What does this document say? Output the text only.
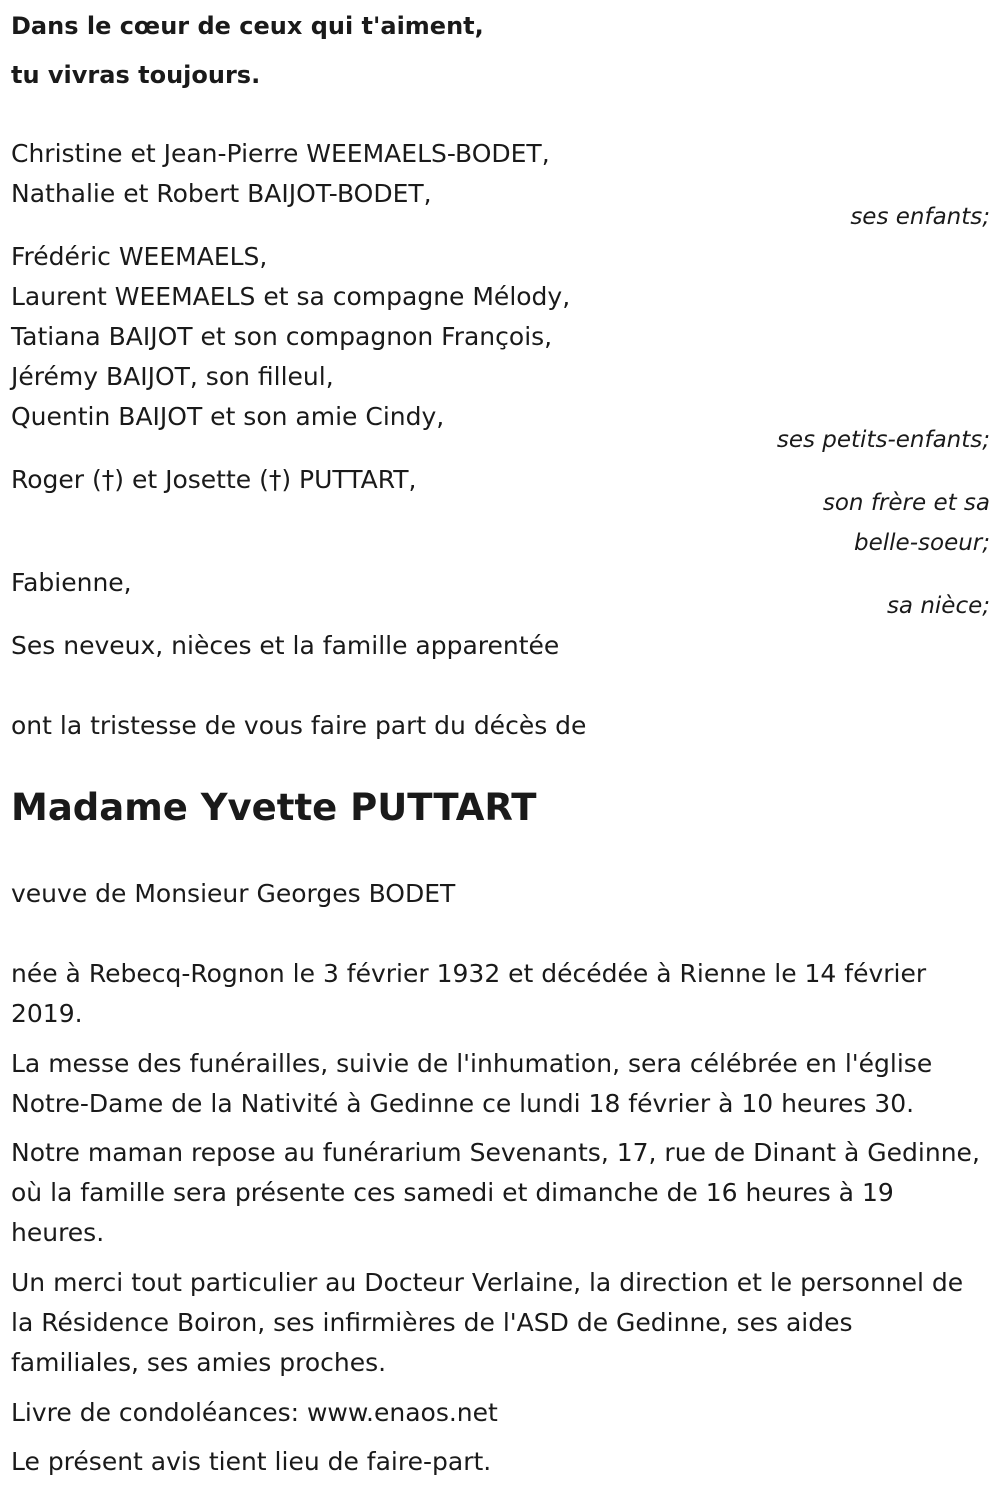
Dans le cœur de ceux qui t'aiment,

tu vivras toujours.

Christine et Jean-Pierre WEEMAELS-BODET,

Nathalie et Robert BAIJOT-BODET,

ses enfants;

Frédéric WEEMAELS,

Laurent WEEMAELS et sa compagne Mélody,

Tatiana BAIJOT et son compagnon François,

Jérémy BAIJOT, son filleul,

Quentin BAIJOT et son amie Cindy,

ses petits-enfants;

Roger (†) et Josette (†) PUTTART,

son frère et sa

belle-soeur;

Fabienne,

sa nièce;

Ses neveux, nièces et la famille apparentée

ont la tristesse de vous faire part du décès de

Madame Yvette PUTTART

veuve de Monsieur Georges BODET

née à Rebecq-Rognon le 3 février 1932 et décédée à Rienne le 14 février 2019.

La messe des funérailles, suivie de l'inhumation, sera célébrée en l'église Notre-Dame de la Nativité à Gedinne ce lundi 18 février à 10 heures 30.

Notre maman repose au funérarium Sevenants, 17, rue de Dinant à Gedinne, où la famille sera présente ces samedi et dimanche de 16 heures à 19 heures.

Un merci tout particulier au Docteur Verlaine, la direction et le personnel de la Résidence Boiron, ses infirmières de l'ASD de Gedinne, ses aides familiales, ses amies proches.

Livre de condoléances: www.enaos.net

Le présent avis tient lieu de faire-part.
